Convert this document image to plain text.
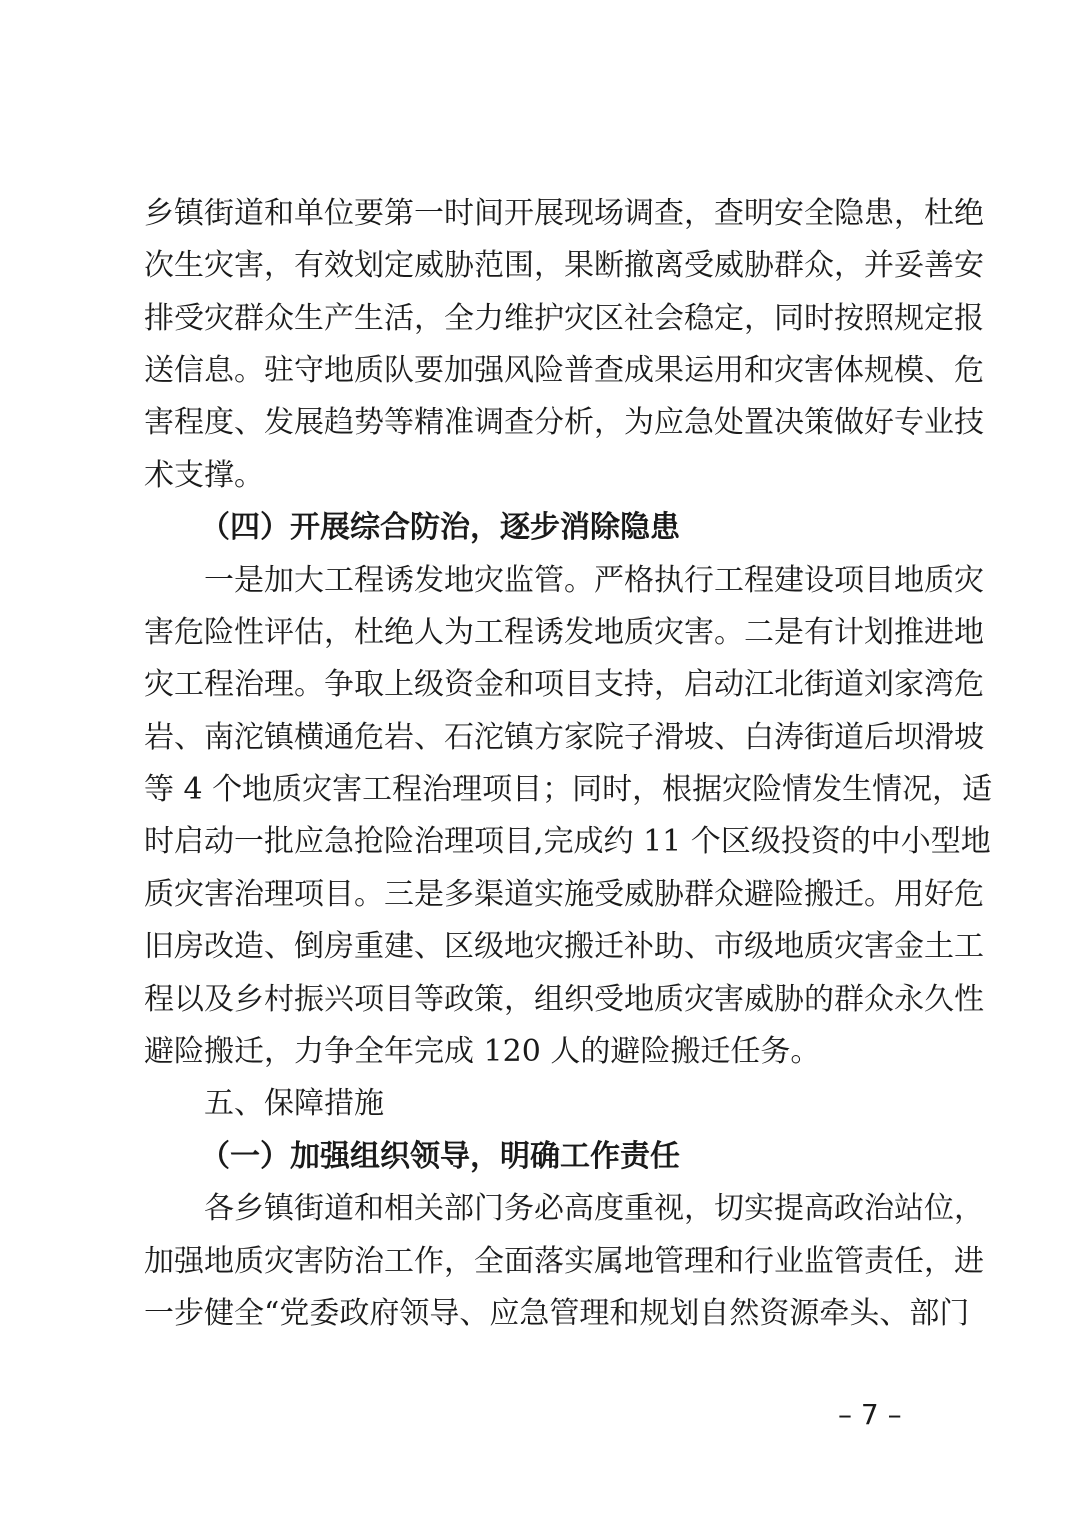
乡镇街道和单位要第一时间开展现场调查，查明安全隐患，杜绝
次生灾害，有效划定威胁范围，果断撤离受威胁群众，并妥善安
排受灾群众生产生活，全力维护灾区社会稳定，同时按照规定报
送信息。驻守地质队要加强风险普查成果运用和灾害体规模、危
害程度、发展趋势等精准调查分析，为应急处置决策做好专业技
术支撑。
（四）开展综合防治，逐步消除隐患
一是加大工程诱发地灾监管。严格执行工程建设项目地质灾
害危险性评估，杜绝人为工程诱发地质灾害。二是有计划推进地
灾工程治理。争取上级资金和项目支持，启动江北街道刘家湾危
岩、南沱镇横通危岩、石沱镇方家院子滑坡、白涛街道后坝滑坡
等 4 个地质灾害工程治理项目；同时，根据灾险情发生情况，适
时启动一批应急抢险治理项目,完成约 11 个区级投资的中小型地
质灾害治理项目。三是多渠道实施受威胁群众避险搬迁。用好危
旧房改造、倒房重建、区级地灾搬迁补助、市级地质灾害金土工
程以及乡村振兴项目等政策，组织受地质灾害威胁的群众永久性
避险搬迁，力争全年完成 120 人的避险搬迁任务。
五、保障措施
（一）加强组织领导，明确工作责任
各乡镇街道和相关部门务必高度重视，切实提高政治站位，
加强地质灾害防治工作，全面落实属地管理和行业监管责任，进
一步健全“党委政府领导、应急管理和规划自然资源牵头、部门
– 7 –
